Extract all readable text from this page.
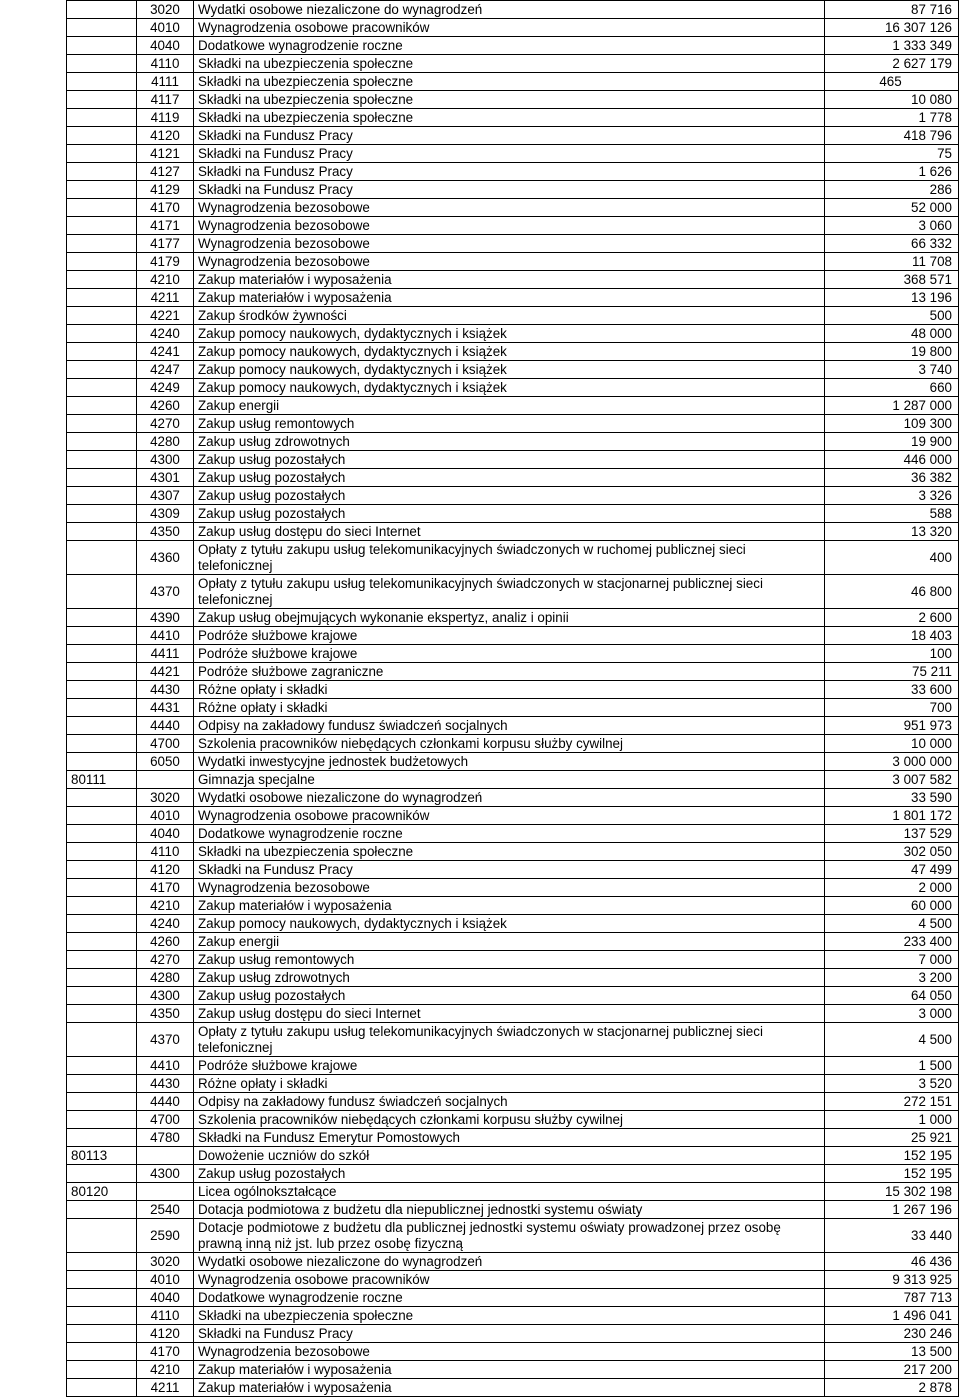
	3020	Wydatki osobowe niezaliczone do wynagrodzeń	87 716
	4010	Wynagrodzenia osobowe pracowników	16 307 126
	4040	Dodatkowe wynagrodzenie roczne	1 333 349
	4110	Składki na ubezpieczenia społeczne	2 627 179
	4111	Składki na ubezpieczenia społeczne	465
	4117	Składki na ubezpieczenia społeczne	10 080
	4119	Składki na ubezpieczenia społeczne	1 778
	4120	Składki na Fundusz Pracy	418 796
	4121	Składki na Fundusz Pracy	75
	4127	Składki na Fundusz Pracy	1 626
	4129	Składki na Fundusz Pracy	286
	4170	Wynagrodzenia bezosobowe	52 000
	4171	Wynagrodzenia bezosobowe	3 060
	4177	Wynagrodzenia bezosobowe	66 332
	4179	Wynagrodzenia bezosobowe	11 708
	4210	Zakup materiałów i wyposażenia	368 571
	4211	Zakup materiałów i wyposażenia	13 196
	4221	Zakup środków żywności	500
	4240	Zakup pomocy naukowych, dydaktycznych i książek	48 000
	4241	Zakup pomocy naukowych, dydaktycznych i książek	19 800
	4247	Zakup pomocy naukowych, dydaktycznych i książek	3 740
	4249	Zakup pomocy naukowych, dydaktycznych i książek	660
	4260	Zakup energii	1 287 000
	4270	Zakup usług remontowych	109 300
	4280	Zakup usług zdrowotnych	19 900
	4300	Zakup usług pozostałych	446 000
	4301	Zakup usług pozostałych	36 382
	4307	Zakup usług pozostałych	3 326
	4309	Zakup usług pozostałych	588
	4350	Zakup usług dostępu do sieci Internet	13 320
	4360	Opłaty z tytułu zakupu usług telekomunikacyjnych świadczonych w ruchomej publicznej sieci telefonicznej	400
	4370	Opłaty z tytułu zakupu usług telekomunikacyjnych świadczonych w stacjonarnej publicznej sieci telefonicznej	46 800
	4390	Zakup usług obejmujących wykonanie ekspertyz, analiz i opinii	2 600
	4410	Podróże służbowe krajowe	18 403
	4411	Podróże służbowe krajowe	100
	4421	Podróże służbowe zagraniczne	75 211
	4430	Różne opłaty i składki	33 600
	4431	Różne opłaty i składki	700
	4440	Odpisy na zakładowy fundusz świadczeń socjalnych	951 973
	4700	Szkolenia pracowników niebędących członkami korpusu służby cywilnej	10 000
	6050	Wydatki inwestycyjne jednostek budżetowych	3 000 000
80111		Gimnazja specjalne	3 007 582
	3020	Wydatki osobowe niezaliczone do wynagrodzeń	33 590
	4010	Wynagrodzenia osobowe pracowników	1 801 172
	4040	Dodatkowe wynagrodzenie roczne	137 529
	4110	Składki na ubezpieczenia społeczne	302 050
	4120	Składki na Fundusz Pracy	47 499
	4170	Wynagrodzenia bezosobowe	2 000
	4210	Zakup materiałów i wyposażenia	60 000
	4240	Zakup pomocy naukowych, dydaktycznych i książek	4 500
	4260	Zakup energii	233 400
	4270	Zakup usług remontowych	7 000
	4280	Zakup usług zdrowotnych	3 200
	4300	Zakup usług pozostałych	64 050
	4350	Zakup usług dostępu do sieci Internet	3 000
	4370	Opłaty z tytułu zakupu usług telekomunikacyjnych świadczonych w stacjonarnej publicznej sieci telefonicznej	4 500
	4410	Podróże służbowe krajowe	1 500
	4430	Różne opłaty i składki	3 520
	4440	Odpisy na zakładowy fundusz świadczeń socjalnych	272 151
	4700	Szkolenia pracowników niebędących członkami korpusu służby cywilnej	1 000
	4780	Składki na Fundusz Emerytur Pomostowych	25 921
80113		Dowożenie uczniów do szkół	152 195
	4300	Zakup usług pozostałych	152 195
80120		Licea ogólnokształcące	15 302 198
	2540	Dotacja podmiotowa z budżetu dla niepublicznej jednostki systemu oświaty	1 267 196
	2590	Dotacje podmiotowe z budżetu dla publicznej jednostki systemu oświaty prowadzonej przez osobę prawną inną niż jst. lub przez osobę fizyczną	33 440
	3020	Wydatki osobowe niezaliczone do wynagrodzeń	46 436
	4010	Wynagrodzenia osobowe pracowników	9 313 925
	4040	Dodatkowe wynagrodzenie roczne	787 713
	4110	Składki na ubezpieczenia społeczne	1 496 041
	4120	Składki na Fundusz Pracy	230 246
	4170	Wynagrodzenia bezosobowe	13 500
	4210	Zakup materiałów i wyposażenia	217 200
	4211	Zakup materiałów i wyposażenia	2 878
